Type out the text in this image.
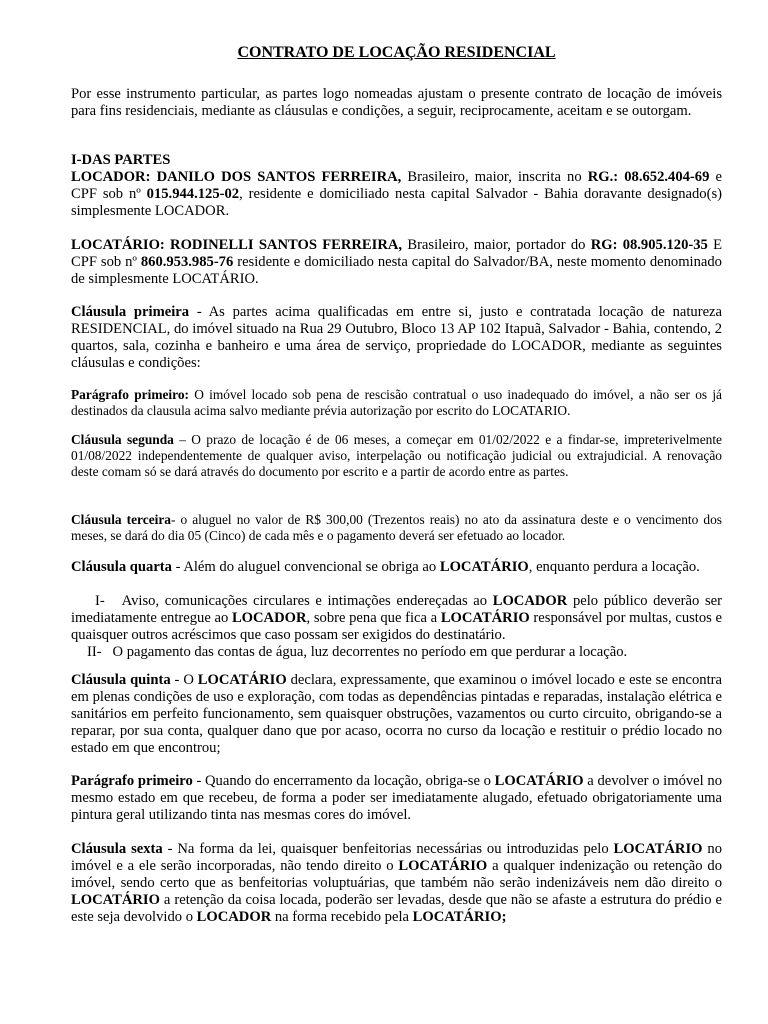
CONTRATO DE LOCAÇÃO RESIDENCIAL

Por esse instrumento particular, as partes logo nomeadas ajustam o presente contrato de locação de imóveis para fins residenciais, mediante as cláusulas e condições, a seguir, reciprocamente, aceitam e se outorgam.

I-DAS PARTES

LOCADOR: DANILO DOS SANTOS FERREIRA, Brasileiro, maior, inscrita no RG.: 08.652.404-69 e CPF sob nº 015.944.125-02, residente e domiciliado nesta capital Salvador - Bahia doravante designado(s) simplesmente LOCADOR.

LOCATÁRIO: RODINELLI SANTOS FERREIRA, Brasileiro, maior, portador do RG: 08.905.120-35 E CPF sob nº 860.953.985-76 residente e domiciliado nesta capital do Salvador/BA, neste momento denominado de simplesmente LOCATÁRIO.

Cláusula primeira - As partes acima qualificadas em entre si, justo e contratada locação de natureza RESIDENCIAL, do imóvel situado na Rua 29 Outubro, Bloco 13 AP 102 Itapuã, Salvador - Bahia, contendo, 2 quartos, sala, cozinha e banheiro e uma área de serviço, propriedade do LOCADOR, mediante as seguintes cláusulas e condições:

Parágrafo primeiro: O imóvel locado sob pena de rescisão contratual o uso inadequado do imóvel, a não ser os já destinados da clausula acima salvo mediante prévia autorização por escrito do LOCATARIO.

Cláusula segunda – O prazo de locação é de 06 meses, a começar em 01/02/2022 e a findar-se, impreterivelmente 01/08/2022 independentemente de qualquer aviso, interpelação ou notificação judicial ou extrajudicial. A renovação deste comam só se dará através do documento por escrito e a partir de acordo entre as partes.

Cláusula terceira- o aluguel no valor de R$ 300,00 (Trezentos reais) no ato da assinatura deste e o vencimento dos meses, se dará do dia 05 (Cinco) de cada mês e o pagamento deverá ser efetuado ao locador.

Cláusula quarta - Além do aluguel convencional se obriga ao LOCATÁRIO, enquanto perdura a locação.

I- Aviso, comunicações circulares e intimações endereçadas ao LOCADOR pelo público deverão ser imediatamente entregue ao LOCADOR, sobre pena que fica a LOCATÁRIO responsável por multas, custos e quaisquer outros acréscimos que caso possam ser exigidos do destinatário.

II- O pagamento das contas de água, luz decorrentes no período em que perdurar a locação.

Cláusula quinta - O LOCATÁRIO declara, expressamente, que examinou o imóvel locado e este se encontra em plenas condições de uso e exploração, com todas as dependências pintadas e reparadas, instalação elétrica e sanitários em perfeito funcionamento, sem quaisquer obstruções, vazamentos ou curto circuito, obrigando-se a reparar, por sua conta, qualquer dano que por acaso, ocorra no curso da locação e restituir o prédio locado no estado em que encontrou;

Parágrafo primeiro - Quando do encerramento da locação, obriga-se o LOCATÁRIO a devolver o imóvel no mesmo estado em que recebeu, de forma a poder ser imediatamente alugado, efetuado obrigatoriamente uma pintura geral utilizando tinta nas mesmas cores do imóvel.

Cláusula sexta - Na forma da lei, quaisquer benfeitorias necessárias ou introduzidas pelo LOCATÁRIO no imóvel e a ele serão incorporadas, não tendo direito o LOCATÁRIO a qualquer indenização ou retenção do imóvel, sendo certo que as benfeitorias voluptuárias, que também não serão indenizáveis nem dão direito o LOCATÁRIO a retenção da coisa locada, poderão ser levadas, desde que não se afaste a estrutura do prédio e este seja devolvido o LOCADOR na forma recebido pela LOCATÁRIO;
